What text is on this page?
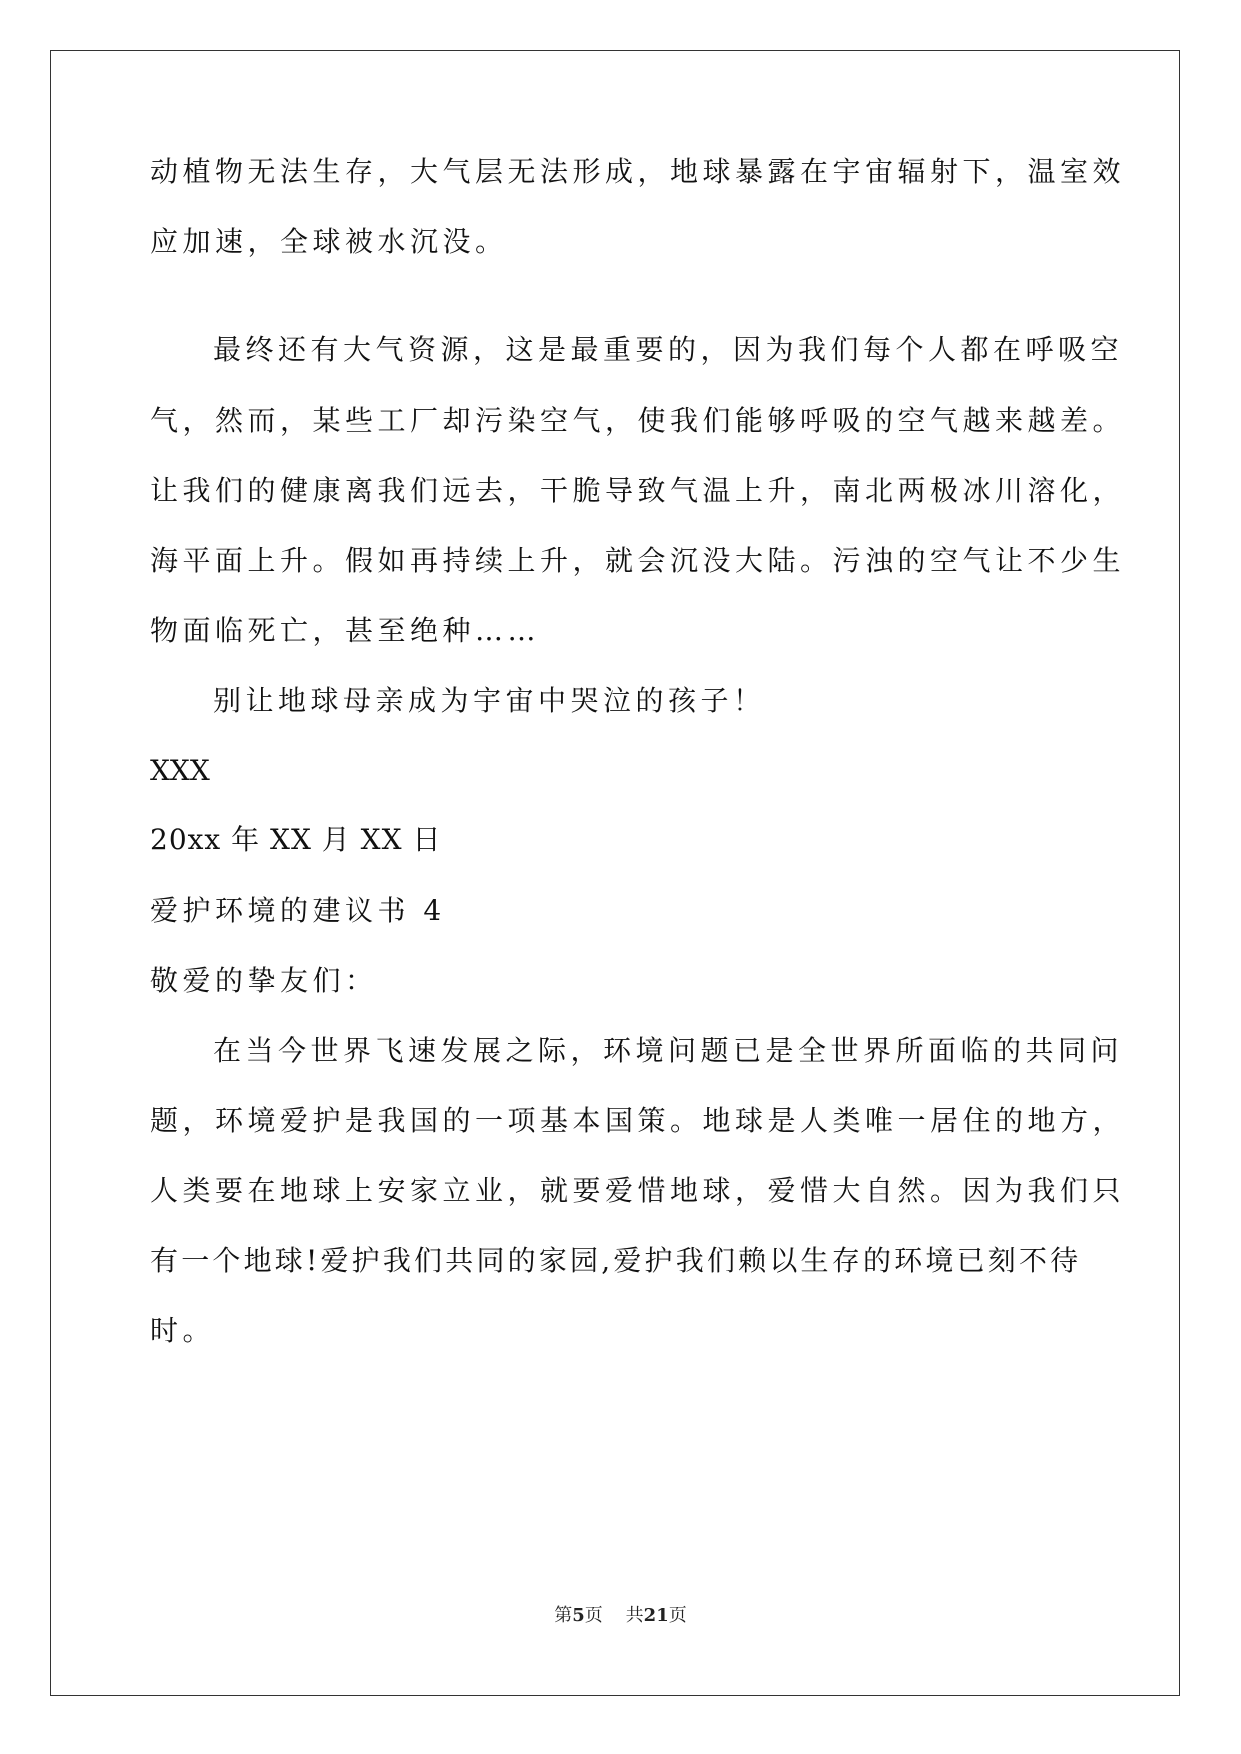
动植物无法生存，大气层无法形成，地球暴露在宇宙辐射下，温室效
应加速，全球被水沉没。
最终还有大气资源，这是最重要的，因为我们每个人都在呼吸空
气，然而，某些工厂却污染空气，使我们能够呼吸的空气越来越差。
让我们的健康离我们远去，干脆导致气温上升，南北两极冰川溶化，
海平面上升。假如再持续上升，就会沉没大陆。污浊的空气让不少生
物面临死亡，甚至绝种……
别让地球母亲成为宇宙中哭泣的孩子！
XXX
20xx 年 XX 月 XX 日
爱护环境的建议书 4
敬爱的挚友们：
在当今世界飞速发展之际，环境问题已是全世界所面临的共同问
题，环境爱护是我国的一项基本国策。地球是人类唯一居住的地方，
人类要在地球上安家立业，就要爱惜地球，爱惜大自然。因为我们只
有一个地球!爱护我们共同的家园,爱护我们赖以生存的环境已刻不待
时。
第5页 共21页
